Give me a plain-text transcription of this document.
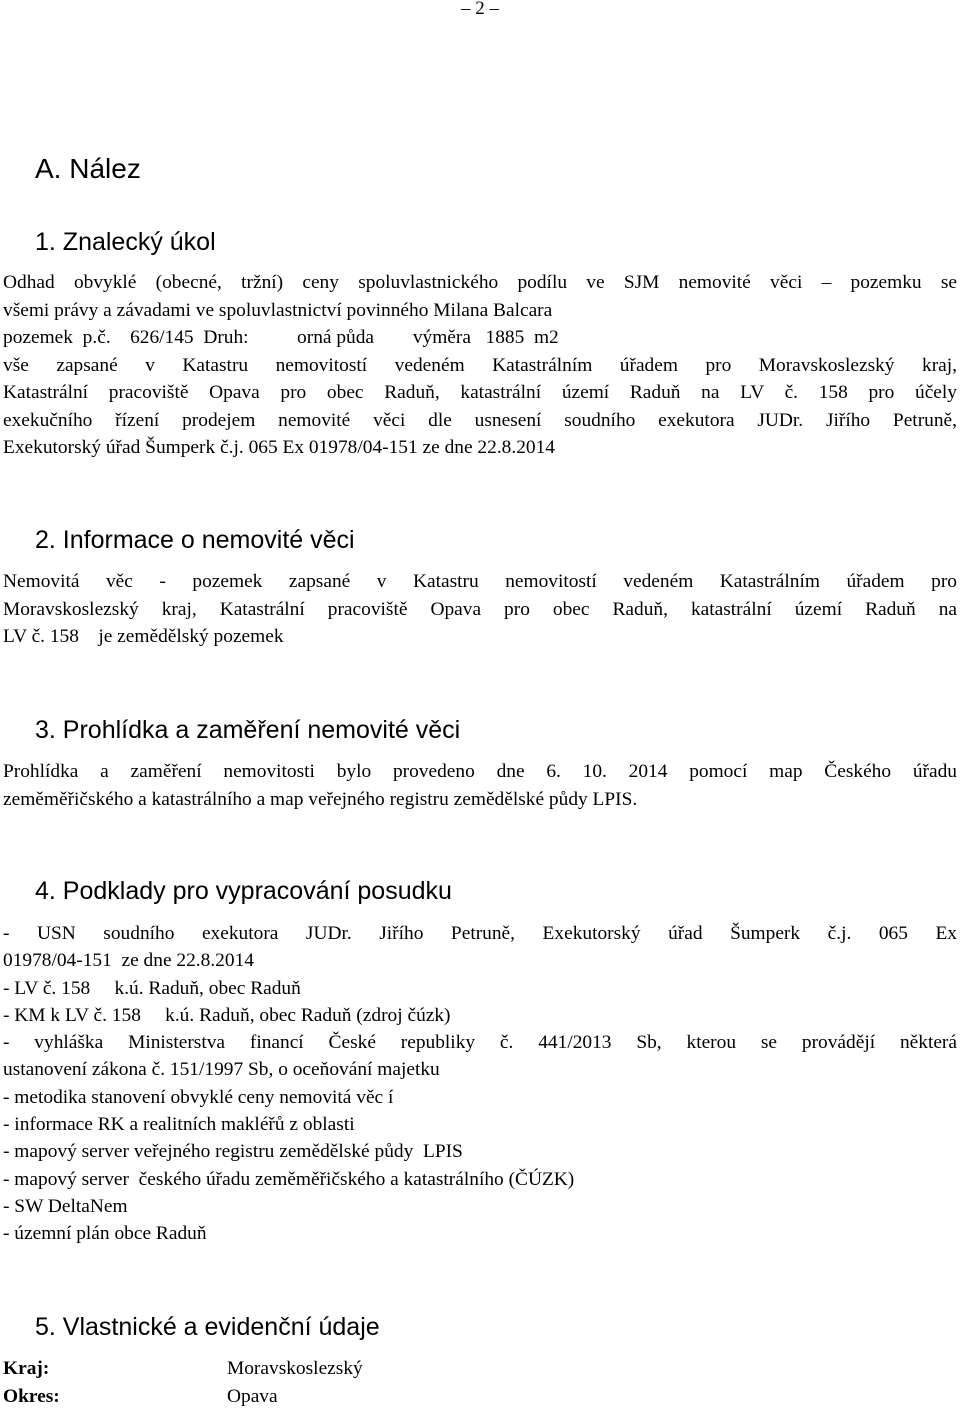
– 2 –
A. Nález
1. Znalecký úkol
Odhad obvyklé (obecné, tržní) ceny spoluvlastnického podílu ve SJM nemovité věci – pozemku se
všemi právy a závadami ve spoluvlastnictví povinného Milana Balcara
pozemek  p.č.    626/145  Druh:          orná půda        výměra   1885  m2
vše zapsané v Katastru nemovitostí vedeném Katastrálním úřadem pro Moravskoslezský kraj,
Katastrální pracoviště Opava pro obec Raduň, katastrální území Raduň na LV č. 158 pro účely
exekučního řízení prodejem nemovité věci dle usnesení soudního exekutora JUDr. Jiřího Petruně,
Exekutorský úřad Šumperk č.j. 065 Ex 01978/04-151 ze dne 22.8.2014
2. Informace o nemovité věci
Nemovitá věc - pozemek zapsané v Katastru nemovitostí vedeném Katastrálním úřadem pro
Moravskoslezský kraj, Katastrální pracoviště Opava pro obec Raduň, katastrální území Raduň na
LV č. 158    je zemědělský pozemek
3. Prohlídka a zaměření nemovité věci
Prohlídka a zaměření nemovitosti bylo provedeno dne 6. 10. 2014 pomocí map Českého úřadu
zeměměřičského a katastrálního a map veřejného registru zemědělské půdy LPIS.
4. Podklady pro vypracování posudku
- USN soudního exekutora JUDr. Jiřího Petruně, Exekutorský úřad Šumperk č.j. 065 Ex
01978/04-151  ze dne 22.8.2014
- LV č. 158     k.ú. Raduň, obec Raduň
- KM k LV č. 158     k.ú. Raduň, obec Raduň (zdroj čúzk)
- vyhláška Ministerstva financí České republiky č. 441/2013 Sb, kterou se provádějí některá
ustanovení zákona č. 151/1997 Sb, o oceňování majetku
- metodika stanovení obvyklé ceny nemovitá věc í
- informace RK a realitních makléřů z oblasti
- mapový server veřejného registru zemědělské půdy  LPIS
- mapový server  českého úřadu zeměměřičského a katastrálního (ČÚZK)
- SW DeltaNem
- územní plán obce Raduň
5. Vlastnické a evidenční údaje
Kraj:	Moravskoslezský
Okres:	Opava
